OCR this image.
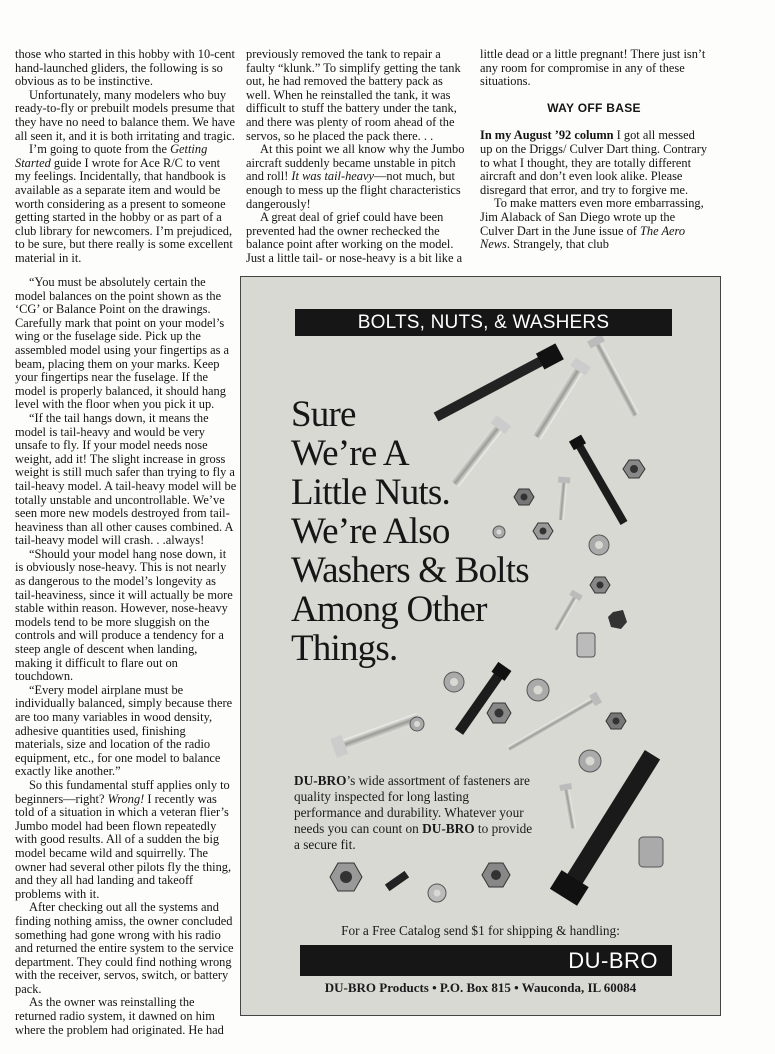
those who started in this hobby with 10-cent hand-launched gliders, the following is so obvious as to be instinctive.

Unfortunately, many modelers who buy ready-to-fly or prebuilt models presume that they have no need to balance them. We have all seen it, and it is both irritating and tragic.

I’m going to quote from the Getting Started guide I wrote for Ace R/C to vent my feelings. Incidentally, that handbook is available as a separate item and would be worth considering as a present to someone getting started in the hobby or as part of a club library for newcomers. I’m prejudiced, to be sure, but there really is some excellent material in it.

previously removed the tank to repair a faulty “klunk.” To simplify getting the tank out, he had removed the battery pack as well. When he reinstalled the tank, it was difficult to stuff the battery under the tank, and there was plenty of room ahead of the servos, so he placed the pack there. . .

At this point we all know why the Jumbo aircraft suddenly became unstable in pitch and roll! It was tail-heavy—not much, but enough to mess up the flight characteristics dangerously!

A great deal of grief could have been prevented had the owner rechecked the balance point after working on the model. Just a little tail- or nose-heavy is a bit like a

little dead or a little pregnant! There just isn’t any room for compromise in any of these situations.

WAY OFF BASE

In my August ’92 column I got all messed up on the Driggs/ Culver Dart thing. Contrary to what I thought, they are totally different aircraft and don’t even look alike. Please disregard that error, and try to forgive me.

To make matters even more embarrassing, Jim Alaback of San Diego wrote up the Culver Dart in the June issue of The Aero News. Strangely, that club

“You must be absolutely certain the model balances on the point shown as the ‘CG’ or Balance Point on the drawings. Carefully mark that point on your model’s wing or the fuselage side. Pick up the assembled model using your fingertips as a beam, placing them on your marks. Keep your fingertips near the fuselage. If the model is properly balanced, it should hang level with the floor when you pick it up.

“If the tail hangs down, it means the model is tail-heavy and would be very unsafe to fly. If your model needs nose weight, add it! The slight increase in gross weight is still much safer than trying to fly a tail-heavy model. A tail-heavy model will be totally unstable and uncontrollable. We’ve seen more new models destroyed from tail-heaviness than all other causes combined. A tail-heavy model will crash. . .always!

“Should your model hang nose down, it is obviously nose-heavy. This is not nearly as dangerous to the model’s longevity as tail-heaviness, since it will actually be more stable within reason. However, nose-heavy models tend to be more sluggish on the controls and will produce a tendency for a steep angle of descent when landing, making it difficult to flare out on touchdown.

“Every model airplane must be individually balanced, simply because there are too many variables in wood density, adhesive quantities used, finishing materials, size and location of the radio equipment, etc., for one model to balance exactly like another.”

So this fundamental stuff applies only to beginners—right? Wrong! I recently was told of a situation in which a veteran flier’s Jumbo model had been flown repeatedly with good results. All of a sudden the big model became wild and squirrelly. The owner had several other pilots fly the thing, and they all had landing and takeoff problems with it.

After checking out all the systems and finding nothing amiss, the owner concluded something had gone wrong with his radio and returned the entire system to the service department. They could find nothing wrong with the receiver, servos, switch, or battery pack.

As the owner was reinstalling the returned radio system, it dawned on him where the problem had originated. He had

BOLTS, NUTS, & WASHERS
Sure
We’re A
Little Nuts.
We’re Also
Washers & Bolts
Among Other
Things.
DU-BRO’s wide assortment of fasteners are quality inspected for long lasting performance and durability. Whatever your needs you can count on DU-BRO to provide a secure fit.
For a Free Catalog send $1 for shipping & handling:
DU-BRO
DU-BRO Products • P.O. Box 815 • Wauconda, IL 60084
